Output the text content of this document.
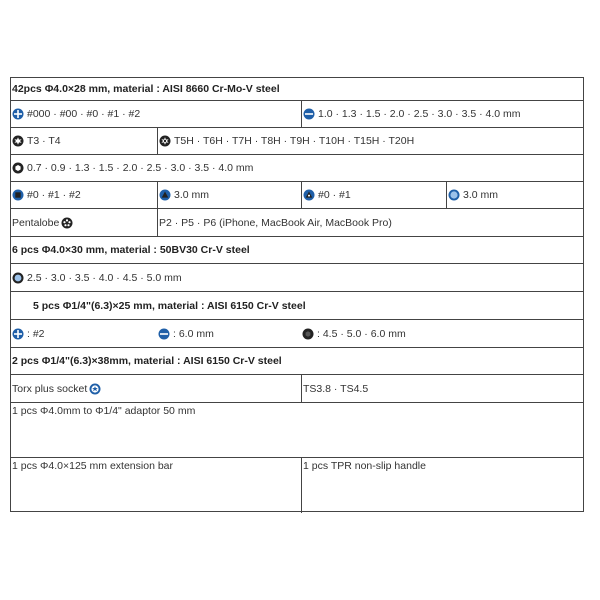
42pcs Φ4.0×28 mm, material : AISI 8660 Cr-Mo-V steel
#000 · #00 · #0 · #1 · #2	1.0 · 1.3 · 1.5 · 2.0 · 2.5 · 3.0 · 3.5 · 4.0 mm
T3 · T4	T5H · T6H · T7H · T8H · T9H · T10H · T15H · T20H
0.7 · 0.9 · 1.3 · 1.5 · 2.0 · 2.5 · 3.0 · 3.5 · 4.0 mm
#0 · #1 · #2	3.0 mm	#0 · #1	3.0 mm
Pentalobe	P2 · P5 · P6 (iPhone, MacBook Air, MacBook Pro)
6 pcs Φ4.0×30 mm, material : 50BV30 Cr-V steel
2.5 · 3.0 · 3.5 · 4.0 · 4.5 · 5.0 mm
5 pcs Φ1/4"(6.3)×25 mm, material : AISI 6150 Cr-V steel
: #2	: 6.0 mm	: 4.5 · 5.0 · 6.0 mm
2 pcs Φ1/4"(6.3)×38mm, material : AISI 6150 Cr-V steel
Torx plus socket	TS3.8 · TS4.5
1 pcs Φ4.0mm to Φ1/4" adaptor 50 mm
1 pcs Φ4.0×125 mm extension bar	1 pcs TPR non-slip handle
